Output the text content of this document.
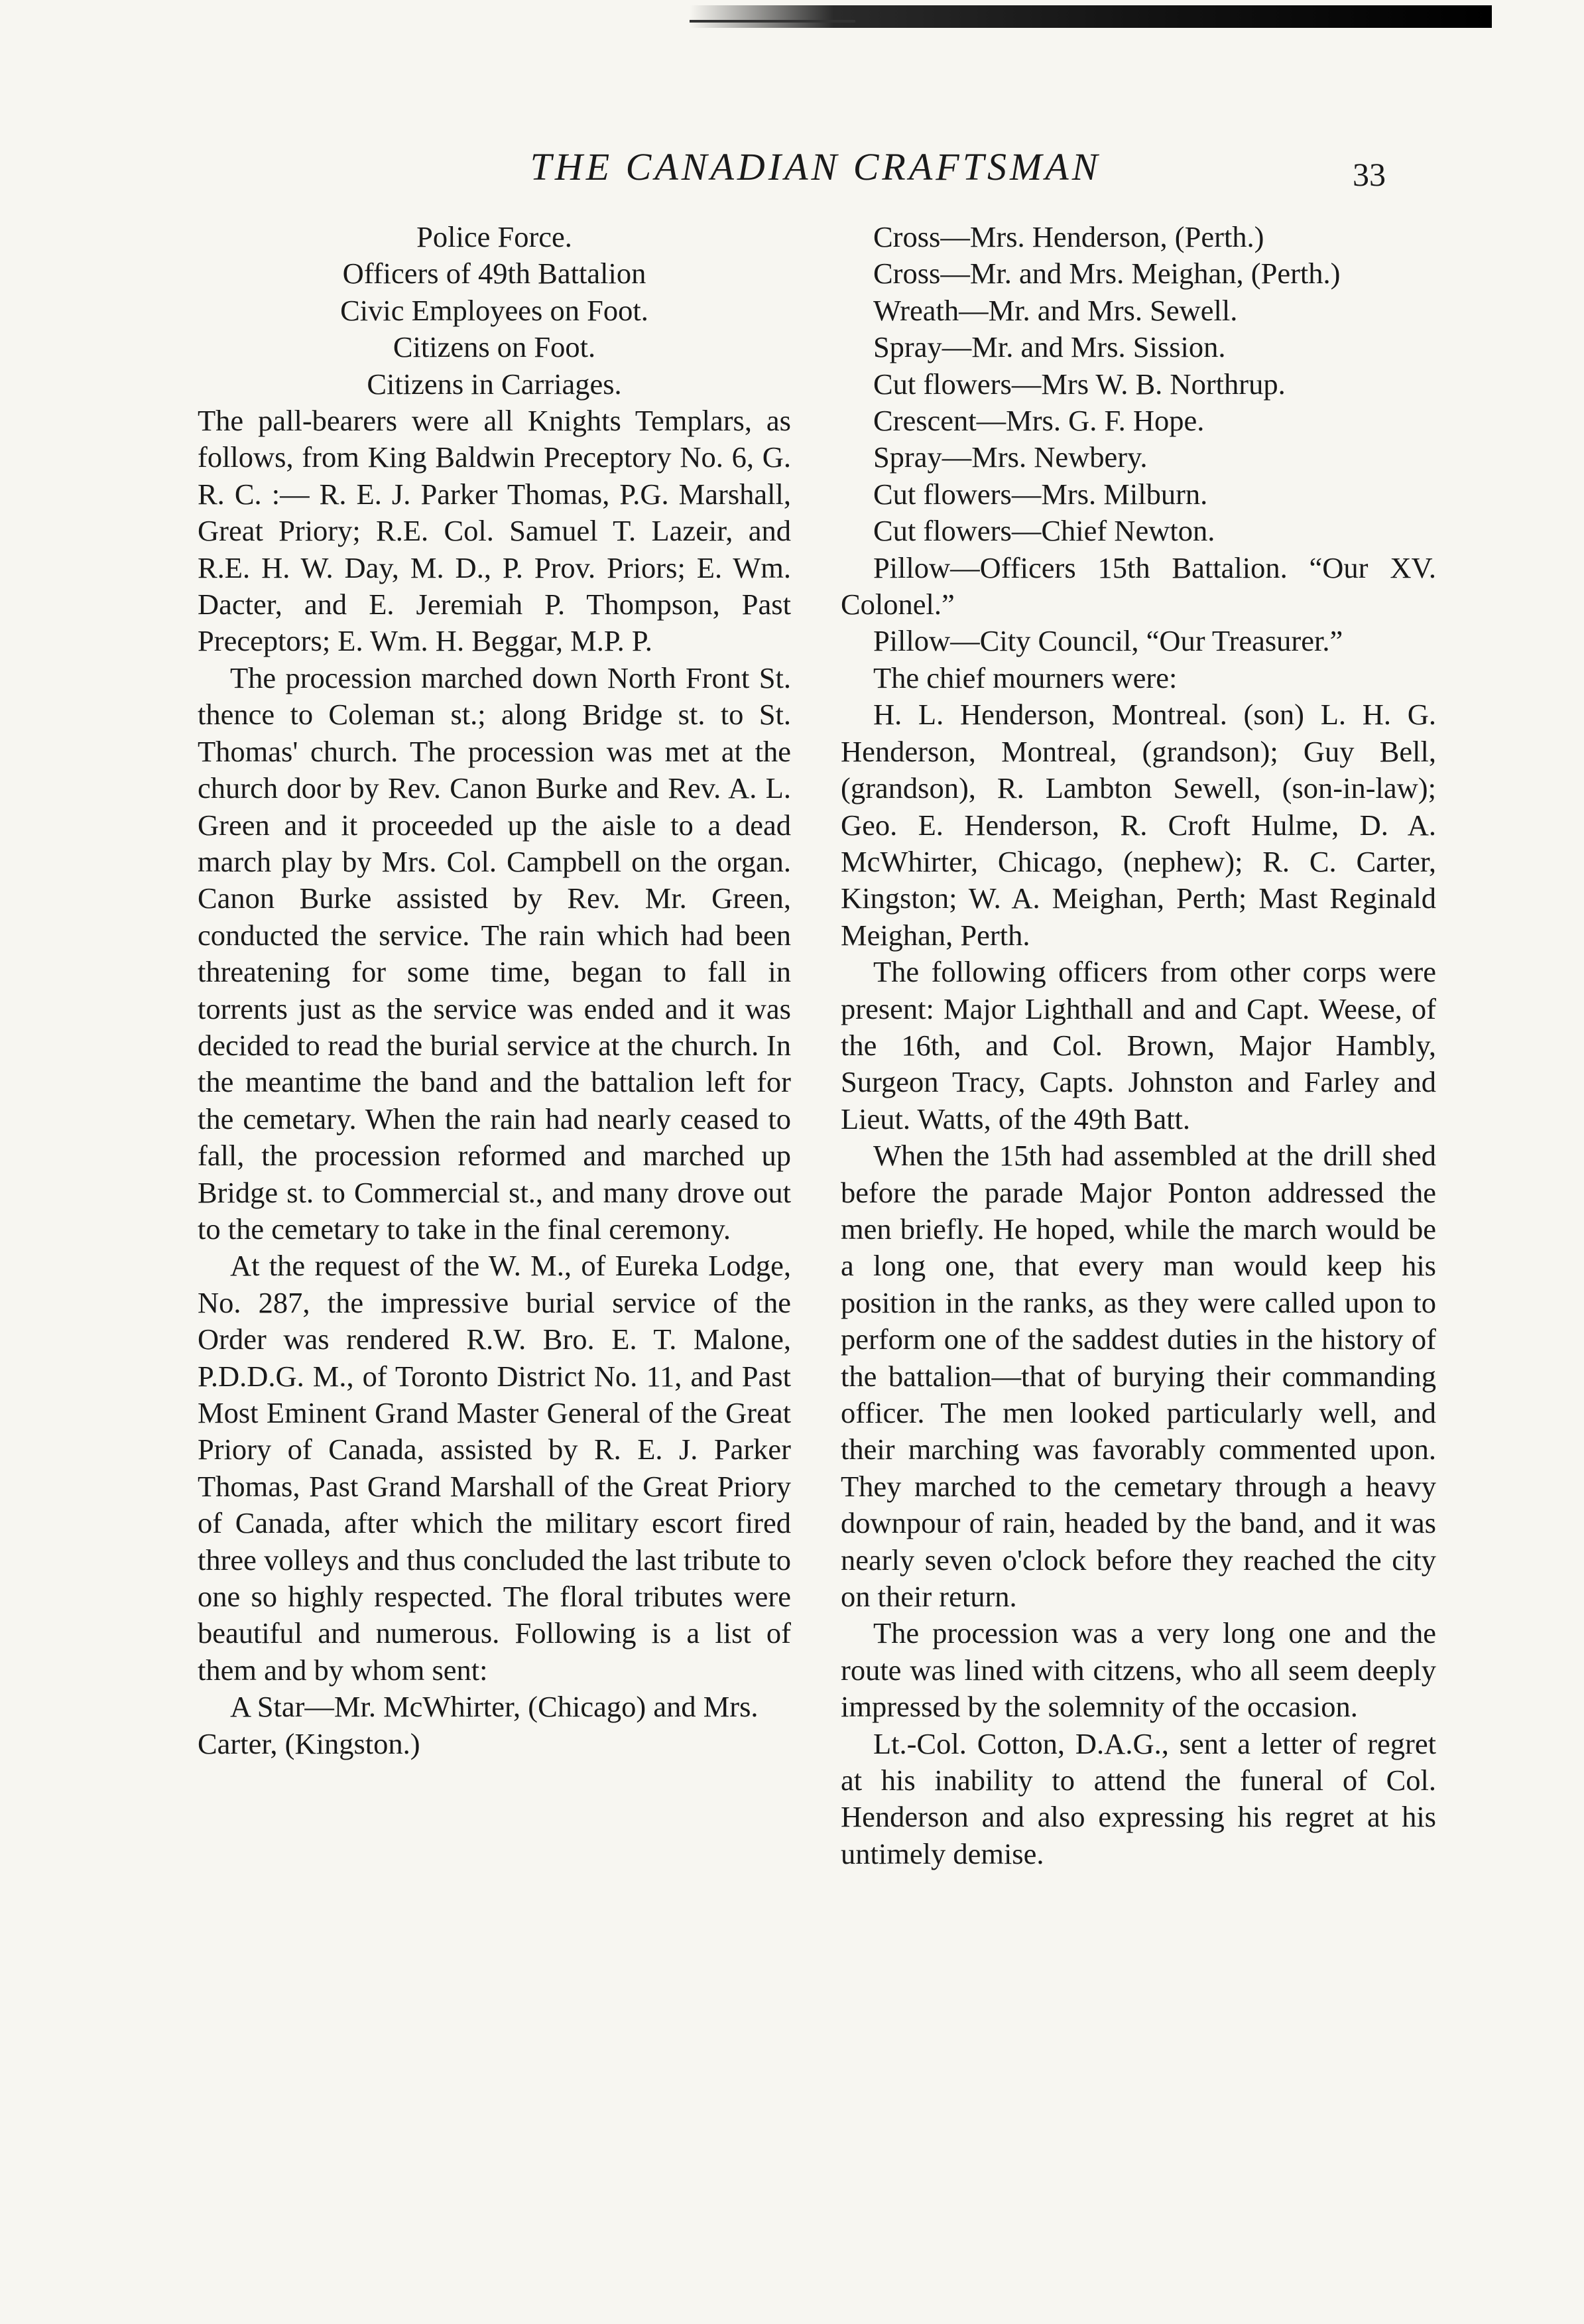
THE CANADIAN CRAFTSMAN	33

Police Force.

Officers of 49th Battalion

Civic Employees on Foot.

Citizens on Foot.

Citizens in Carriages.

The pall-bearers were all Knights Templars, as follows, from King Baldwin Preceptory No. 6, G. R. C. :— R. E. J. Parker Thomas, P.G. Marshall, Great Priory; R.E. Col. Samuel T. Lazeir, and R.E. H. W. Day, M. D., P. Prov. Priors; E. Wm. Dacter, and E. Jeremiah P. Thompson, Past Preceptors; E. Wm. H. Beggar, M.P. P.

The procession marched down North Front St. thence to Coleman st.; along Bridge st. to St. Thomas' church. The procession was met at the church door by Rev. Canon Burke and Rev. A. L. Green and it proceeded up the aisle to a dead march play by Mrs. Col. Campbell on the organ. Canon Burke assisted by Rev. Mr. Green, conducted the service. The rain which had been threatening for some time, began to fall in torrents just as the service was ended and it was decided to read the burial service at the church. In the meantime the band and the battalion left for the cemetary. When the rain had nearly ceased to fall, the procession reformed and marched up Bridge st. to Commercial st., and many drove out to the cemetary to take in the final ceremony.

At the request of the W. M., of Eureka Lodge, No. 287, the impressive burial service of the Order was rendered R.W. Bro. E. T. Malone, P.D.D.G. M., of Toronto District No. 11, and Past Most Eminent Grand Master General of the Great Priory of Canada, assisted by R. E. J. Parker Thomas, Past Grand Marshall of the Great Priory of Canada, after which the military escort fired three volleys and thus concluded the last tribute to one so highly respected. The floral tributes were beautiful and numerous. Following is a list of them and by whom sent:

A Star—Mr. McWhirter, (Chicago) and Mrs. Carter, (Kingston.)

Cross—Mrs. Henderson, (Perth.)

Cross—Mr. and Mrs. Meighan, (Perth.)

Wreath—Mr. and Mrs. Sewell.

Spray—Mr. and Mrs. Sission.

Cut flowers—Mrs W. B. Northrup.

Crescent—Mrs. G. F. Hope.

Spray—Mrs. Newbery.

Cut flowers—Mrs. Milburn.

Cut flowers—Chief Newton.

Pillow—Officers 15th Battalion. “Our XV. Colonel.”

Pillow—City Council, “Our Treasurer.”

The chief mourners were:

H. L. Henderson, Montreal. (son) L. H. G. Henderson, Montreal, (grandson); Guy Bell, (grandson), R. Lambton Sewell, (son-in-law); Geo. E. Henderson, R. Croft Hulme, D. A. McWhirter, Chicago, (nephew); R. C. Carter, Kingston; W. A. Meighan, Perth; Mast Reginald Meighan, Perth.

The following officers from other corps were present: Major Lighthall and and Capt. Weese, of the 16th, and Col. Brown, Major Hambly, Surgeon Tracy, Capts. Johnston and Farley and Lieut. Watts, of the 49th Batt.

When the 15th had assembled at the drill shed before the parade Major Ponton addressed the men briefly. He hoped, while the march would be a long one, that every man would keep his position in the ranks, as they were called upon to perform one of the saddest duties in the history of the battalion—that of burying their commanding officer. The men looked particularly well, and their marching was favorably commented upon. They marched to the cemetary through a heavy downpour of rain, headed by the band, and it was nearly seven o'clock before they reached the city on their return.

The procession was a very long one and the route was lined with citzens, who all seem deeply impressed by the solemnity of the occasion.

Lt.-Col. Cotton, D.A.G., sent a letter of regret at his inability to attend the funeral of Col. Henderson and also expressing his regret at his untimely demise.
